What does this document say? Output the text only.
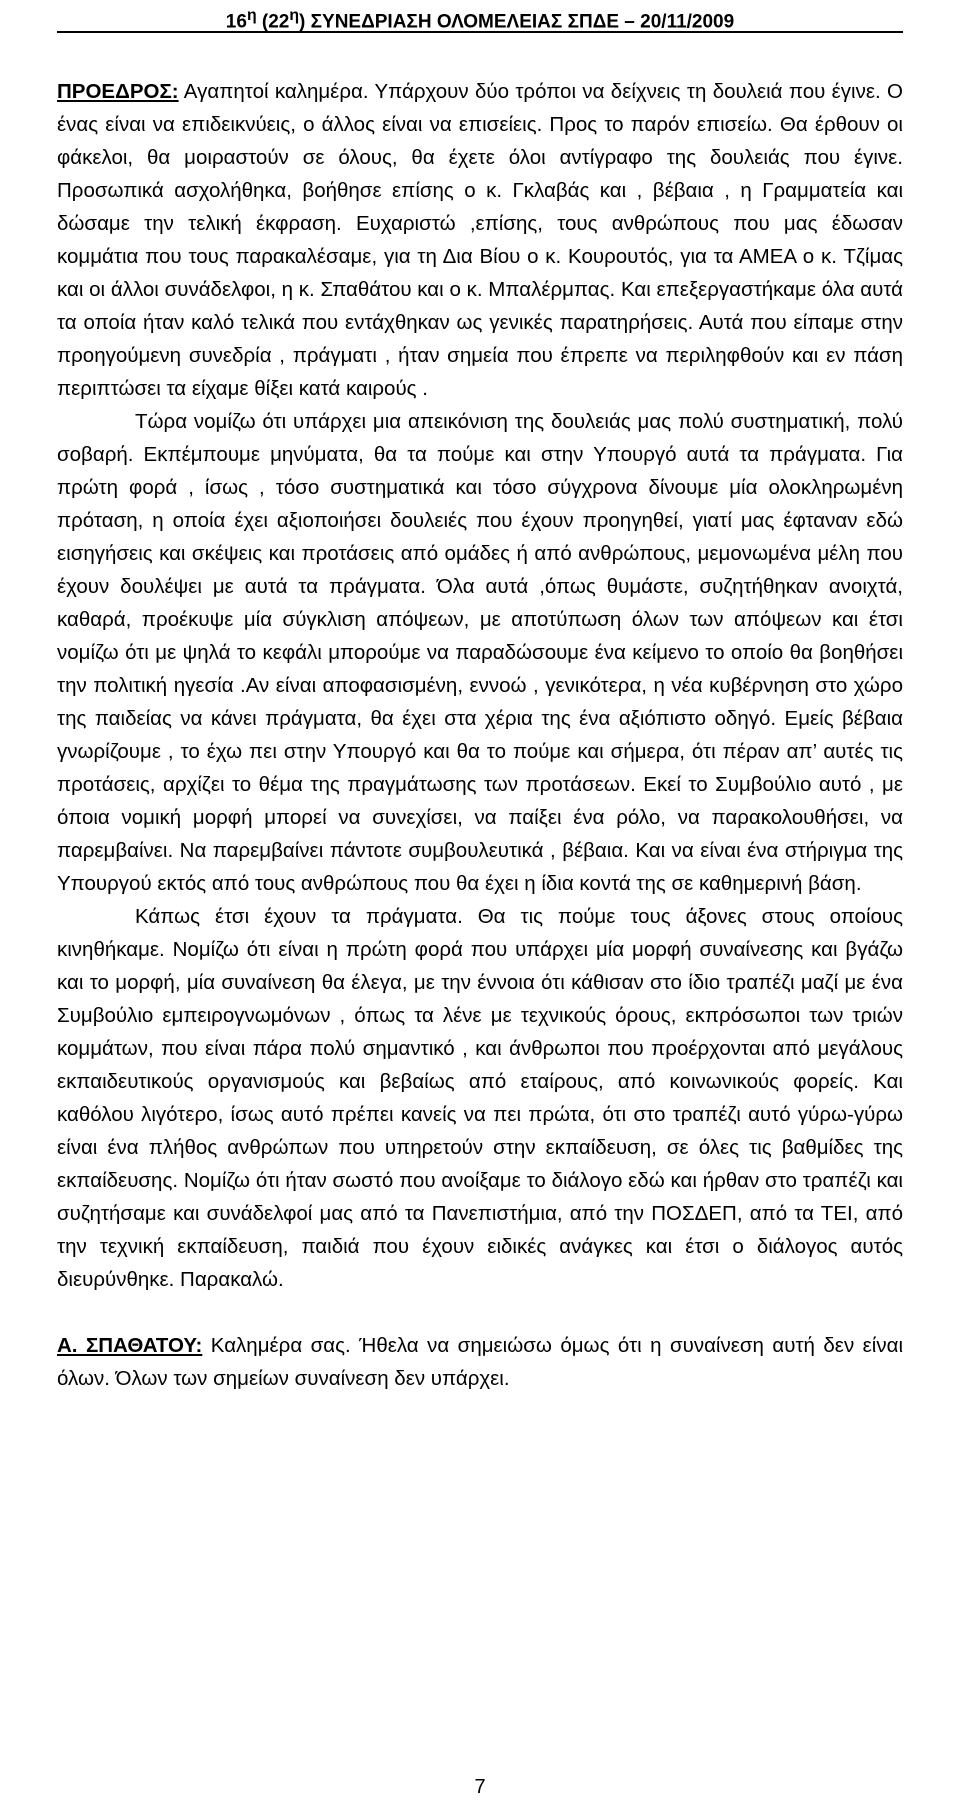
$16^\eta$ $(22^\eta)$ ΣΥΝΕΔΡΙΑΣΗ ΟΛΟΜΕΛΕΙΑΣ ΣΠΔΕ – 20/11/2009

ΠΡΟΕΔΡΟΣ: Αγαπητοί καλημέρα. Υπάρχουν δύο τρόποι να δείχνεις τη δουλειά που έγινε. Ο ένας είναι να επιδεικνύεις, ο άλλος είναι να επισείεις. Προς το παρόν επισείω. Θα έρθουν οι φάκελοι, θα μοιραστούν σε όλους, θα έχετε όλοι αντίγραφο της δουλειάς που έγινε. Προσωπικά ασχολήθηκα, βοήθησε επίσης ο κ. Γκλαβάς και , βέβαια , η Γραμματεία και δώσαμε την τελική έκφραση. Ευχαριστώ ,επίσης, τους ανθρώπους που μας έδωσαν κομμάτια που τους παρακαλέσαμε, για τη Δια Βίου ο κ. Κουρουτός, για τα ΑΜΕΑ ο κ. Τζίμας και οι άλλοι συνάδελφοι, η κ. Σπαθάτου και ο κ. Μπαλέρμπας. Και επεξεργαστήκαμε όλα αυτά τα οποία ήταν καλό τελικά που εντάχθηκαν ως γενικές παρατηρήσεις. Αυτά που είπαμε στην προηγούμενη συνεδρία , πράγματι , ήταν σημεία που έπρεπε να περιληφθούν και εν πάση περιπτώσει τα είχαμε θίξει κατά καιρούς .

Τώρα νομίζω ότι υπάρχει μια απεικόνιση της δουλειάς μας πολύ συστηματική, πολύ σοβαρή. Εκπέμπουμε μηνύματα, θα τα πούμε και στην Υπουργό αυτά τα πράγματα. Για πρώτη φορά , ίσως , τόσο συστηματικά και τόσο σύγχρονα δίνουμε μία ολοκληρωμένη πρόταση, η οποία έχει αξιοποιήσει δουλειές που έχουν προηγηθεί, γιατί μας έφταναν εδώ εισηγήσεις και σκέψεις και προτάσεις από ομάδες ή από ανθρώπους, μεμονωμένα μέλη που έχουν δουλέψει με αυτά τα πράγματα. Όλα αυτά ,όπως θυμάστε, συζητήθηκαν ανοιχτά, καθαρά, προέκυψε μία σύγκλιση απόψεων, με αποτύπωση όλων των απόψεων και έτσι νομίζω ότι με ψηλά το κεφάλι μπορούμε να παραδώσουμε ένα κείμενο το οποίο θα βοηθήσει την πολιτική ηγεσία .Αν είναι αποφασισμένη, εννοώ , γενικότερα, η νέα κυβέρνηση στο χώρο της παιδείας να κάνει πράγματα, θα έχει στα χέρια της ένα αξιόπιστο οδηγό. Εμείς βέβαια γνωρίζουμε , το έχω πει στην Υπουργό και θα το πούμε και σήμερα, ότι πέραν απ’ αυτές τις προτάσεις, αρχίζει το θέμα της πραγμάτωσης των προτάσεων. Εκεί το Συμβούλιο αυτό , με όποια νομική μορφή μπορεί να συνεχίσει, να παίξει ένα ρόλο, να παρακολουθήσει, να παρεμβαίνει. Να παρεμβαίνει πάντοτε συμβουλευτικά , βέβαια. Και να είναι ένα στήριγμα της Υπουργού εκτός από τους ανθρώπους που θα έχει η ίδια κοντά της σε καθημερινή βάση.

Κάπως έτσι έχουν τα πράγματα. Θα τις πούμε τους άξονες στους οποίους κινηθήκαμε. Νομίζω ότι είναι η πρώτη φορά που υπάρχει μία μορφή συναίνεσης και βγάζω και το μορφή, μία συναίνεση θα έλεγα, με την έννοια ότι κάθισαν στο ίδιο τραπέζι μαζί με ένα Συμβούλιο εμπειρογνωμόνων , όπως τα λένε με τεχνικούς όρους, εκπρόσωποι των τριών κομμάτων, που είναι πάρα πολύ σημαντικό , και άνθρωποι που προέρχονται από μεγάλους εκπαιδευτικούς οργανισμούς και βεβαίως από εταίρους, από κοινωνικούς φορείς. Και καθόλου λιγότερο, ίσως αυτό πρέπει κανείς να πει πρώτα, ότι στο τραπέζι αυτό γύρω-γύρω είναι ένα πλήθος ανθρώπων που υπηρετούν στην εκπαίδευση, σε όλες τις βαθμίδες της εκπαίδευσης. Νομίζω ότι ήταν σωστό που ανοίξαμε το διάλογο εδώ και ήρθαν στο τραπέζι και συζητήσαμε και συνάδελφοί μας από τα Πανεπιστήμια, από την ΠΟΣΔΕΠ, από τα ΤΕΙ, από την τεχνική εκπαίδευση, παιδιά που έχουν ειδικές ανάγκες και έτσι ο διάλογος αυτός διευρύνθηκε. Παρακαλώ.

Α. ΣΠΑΘΑΤΟΥ: Καλημέρα σας. Ήθελα να σημειώσω όμως ότι η συναίνεση αυτή δεν είναι όλων. Όλων των σημείων συναίνεση δεν υπάρχει.

7
